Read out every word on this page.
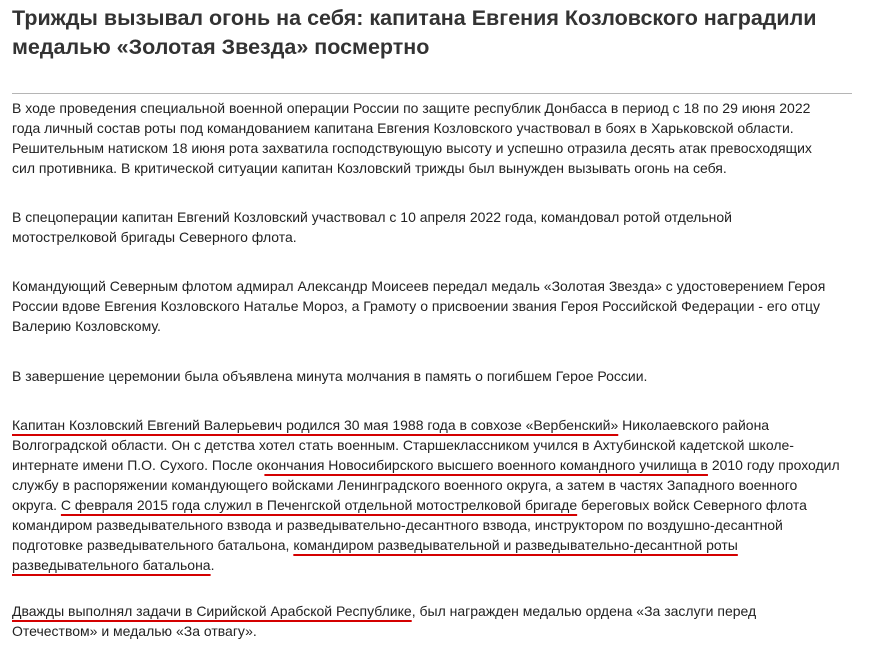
Трижды вызывал огонь на себя: капитана Евгения Козловского наградили
медалью «Золотая Звезда» посмертно

В ходе проведения специальной военной операции России по защите республик Донбасса в период с 18 по 29 июня 2022
года личный состав роты под командованием капитана Евгения Козловского участвовал в боях в Харьковской области.
Решительным натиском 18 июня рота захватила господствующую высоту и успешно отразила десять атак превосходящих
сил противника. В критической ситуации капитан Козловский трижды был вынужден вызывать огонь на себя.

В спецоперации капитан Евгений Козловский участвовал с 10 апреля 2022 года, командовал ротой отдельной
мотострелковой бригады Северного флота.

Командующий Северным флотом адмирал Александр Моисеев передал медаль «Золотая Звезда» с удостоверением Героя
России вдове Евгения Козловского Наталье Мороз, а Грамоту о присвоении звания Героя Российской Федерации - его отцу
Валерию Козловскому.

В завершение церемонии была объявлена минута молчания в память о погибшем Герое России.

Капитан Козловский Евгений Валерьевич родился 30 мая 1988 года в совхозе «Вербенский» Николаевского района
Волгоградской области. Он с детства хотел стать военным. Старшеклассником учился в Ахтубинской кадетской школе-
интернате имени П.О. Сухого. После окончания Новосибирского высшего военного командного училища в 2010 году проходил
службу в распоряжении командующего войсками Ленинградского военного округа, а затем в частях Западного военного
округа. С февраля 2015 года служил в Печенгской отдельной мотострелковой бригаде береговых войск Северного флота
командиром разведывательного взвода и разведывательно-десантного взвода, инструктором по воздушно-десантной
подготовке разведывательного батальона, командиром разведывательной и разведывательно-десантной роты
разведывательного батальона.

Дважды выполнял задачи в Сирийской Арабской Республике, был награжден медалью ордена «За заслуги перед
Отечеством» и медалью «За отвагу».
